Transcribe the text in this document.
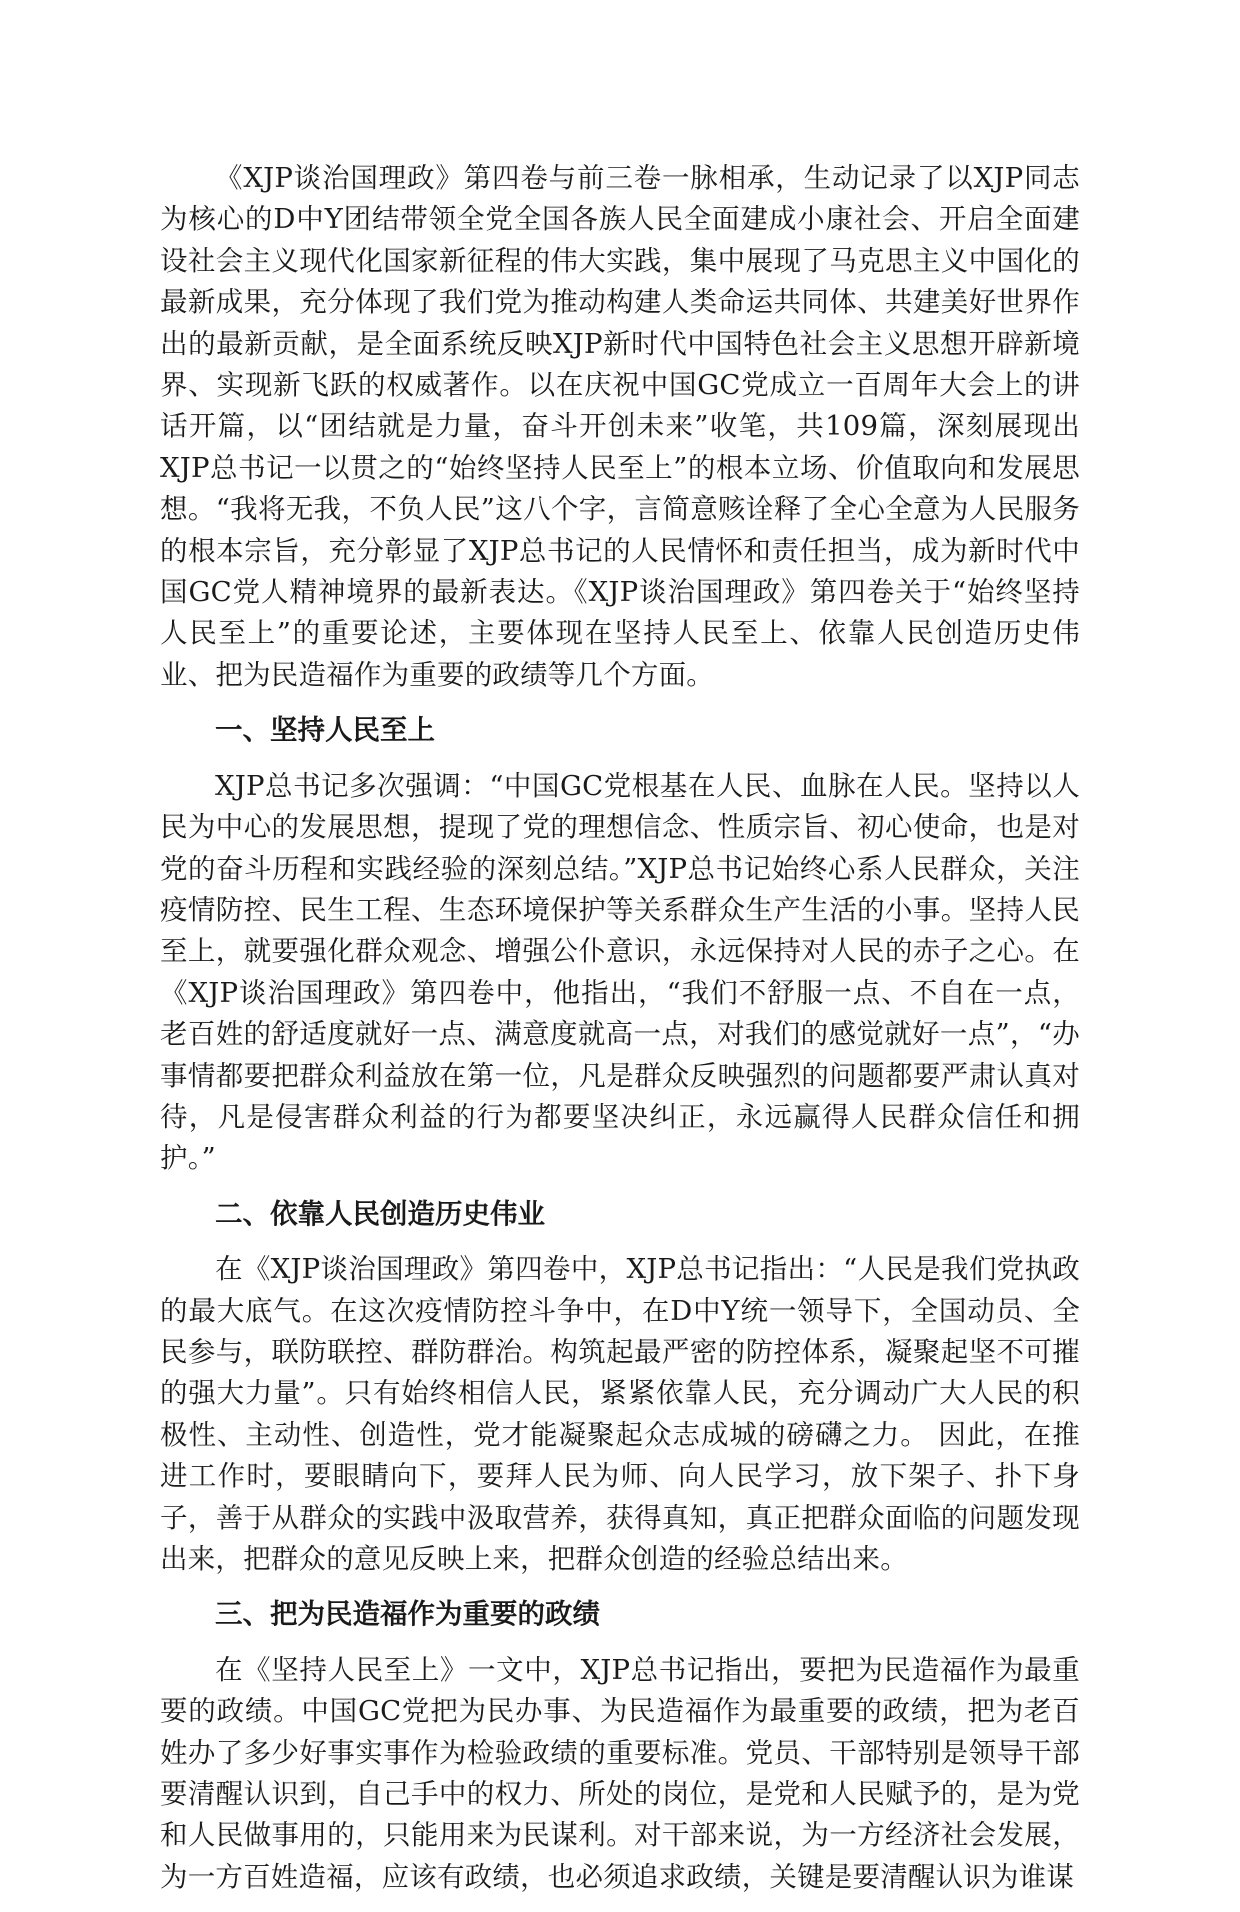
《XJP谈治国理政》第四卷与前三卷一脉相承，生动记录了以XJP同志为核心的D中Y团结带领全党全国各族人民全面建成小康社会、开启全面建设社会主义现代化国家新征程的伟大实践，集中展现了马克思主义中国化的最新成果，充分体现了我们党为推动构建人类命运共同体、共建美好世界作出的最新贡献，是全面系统反映XJP新时代中国特色社会主义思想开辟新境界、实现新飞跃的权威著作。以在庆祝中国GC党成立一百周年大会上的讲话开篇，以“团结就是力量，奋斗开创未来”收笔，共109篇，深刻展现出XJP总书记一以贯之的“始终坚持人民至上”的根本立场、价值取向和发展思想。“我将无我，不负人民”这八个字，言简意赅诠释了全心全意为人民服务的根本宗旨，充分彰显了XJP总书记的人民情怀和责任担当，成为新时代中国GC党人精神境界的最新表达。《XJP谈治国理政》第四卷关于“始终坚持人民至上”的重要论述，主要体现在坚持人民至上、依靠人民创造历史伟业、把为民造福作为重要的政绩等几个方面。

一、坚持人民至上

XJP总书记多次强调：“中国GC党根基在人民、血脉在人民。坚持以人民为中心的发展思想，提现了党的理想信念、性质宗旨、初心使命，也是对党的奋斗历程和实践经验的深刻总结。”XJP总书记始终心系人民群众，关注疫情防控、民生工程、生态环境保护等关系群众生产生活的小事。坚持人民至上，就要强化群众观念、增强公仆意识，永远保持对人民的赤子之心。在《XJP谈治国理政》第四卷中，他指出，“我们不舒服一点、不自在一点，老百姓的舒适度就好一点、满意度就高一点，对我们的感觉就好一点”，“办事情都要把群众利益放在第一位，凡是群众反映强烈的问题都要严肃认真对待，凡是侵害群众利益的行为都要坚决纠正，永远赢得人民群众信任和拥护。”

二、依靠人民创造历史伟业

在《XJP谈治国理政》第四卷中，XJP总书记指出：“人民是我们党执政的最大底气。在这次疫情防控斗争中，在D中Y统一领导下，全国动员、全民参与，联防联控、群防群治。构筑起最严密的防控体系，凝聚起坚不可摧的强大力量”。只有始终相信人民，紧紧依靠人民，充分调动广大人民的积极性、主动性、创造性，党才能凝聚起众志成城的磅礴之力。 因此，在推进工作时，要眼睛向下，要拜人民为师、向人民学习，放下架子、扑下身子，善于从群众的实践中汲取营养，获得真知，真正把群众面临的问题发现出来，把群众的意见反映上来，把群众创造的经验总结出来。

三、把为民造福作为重要的政绩

在《坚持人民至上》一文中，XJP总书记指出，要把为民造福作为最重要的政绩。中国GC党把为民办事、为民造福作为最重要的政绩，把为老百姓办了多少好事实事作为检验政绩的重要标准。党员、干部特别是领导干部要清醒认识到，自己手中的权力、所处的岗位，是党和人民赋予的，是为党和人民做事用的，只能用来为民谋利。对干部来说，为一方经济社会发展，为一方百姓造福，应该有政绩，也必须追求政绩，关键是要清醒认识为谁谋
